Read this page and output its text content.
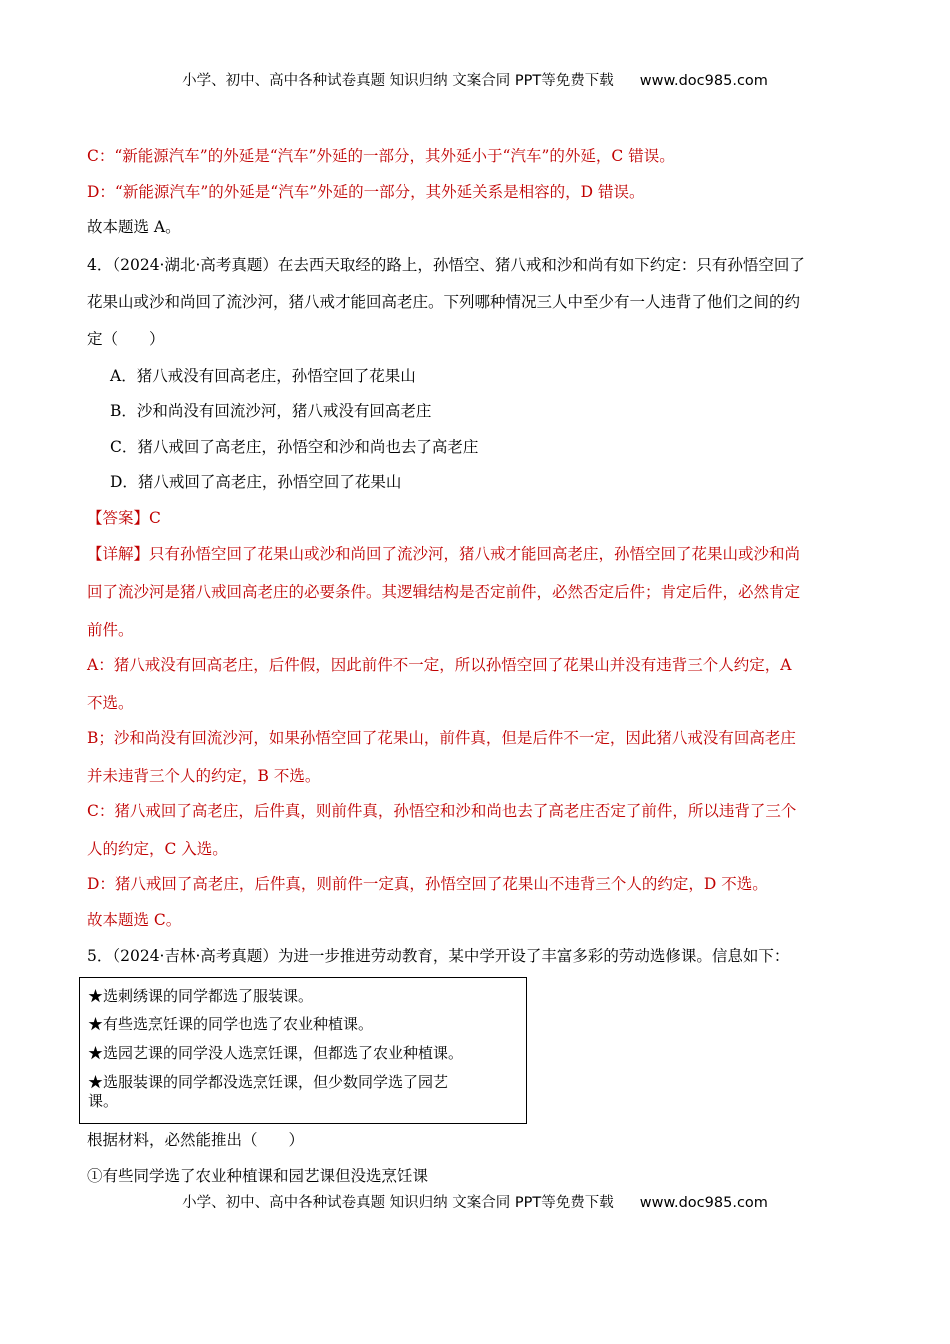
小学、初中、高中各种试卷真题 知识归纳 文案合同 PPT等免费下载 www.doc985.com
C：“新能源汽车”的外延是“汽车”外延的一部分，其外延小于“汽车”的外延，C 错误。
D：“新能源汽车”的外延是“汽车”外延的一部分，其外延关系是相容的，D 错误。
故本题选 A。
4．（2024·湖北·高考真题）在去西天取经的路上，孙悟空、猪八戒和沙和尚有如下约定：只有孙悟空回了
花果山或沙和尚回了流沙河，猪八戒才能回高老庄。下列哪种情况三人中至少有一人违背了他们之间的约
定（　　）
A．猪八戒没有回高老庄，孙悟空回了花果山
B．沙和尚没有回流沙河，猪八戒没有回高老庄
C．猪八戒回了高老庄，孙悟空和沙和尚也去了高老庄
D．猪八戒回了高老庄，孙悟空回了花果山
【答案】C
【详解】只有孙悟空回了花果山或沙和尚回了流沙河，猪八戒才能回高老庄，孙悟空回了花果山或沙和尚
回了流沙河是猪八戒回高老庄的必要条件。其逻辑结构是否定前件，必然否定后件；肯定后件，必然肯定
前件。
A：猪八戒没有回高老庄，后件假，因此前件不一定，所以孙悟空回了花果山并没有违背三个人约定，A
不选。
B；沙和尚没有回流沙河，如果孙悟空回了花果山，前件真，但是后件不一定，因此猪八戒没有回高老庄
并未违背三个人的约定，B 不选。
C：猪八戒回了高老庄，后件真，则前件真，孙悟空和沙和尚也去了高老庄否定了前件，所以违背了三个
人的约定，C 入选。
D：猪八戒回了高老庄，后件真，则前件一定真，孙悟空回了花果山不违背三个人的约定，D 不选。
故本题选 C。
5．（2024·吉林·高考真题）为进一步推进劳动教育，某中学开设了丰富多彩的劳动选修课。信息如下：
★选刺绣课的同学都选了服装课。
★有些选烹饪课的同学也选了农业种植课。
★选园艺课的同学没人选烹饪课，但都选了农业种植课。
★选服装课的同学都没选烹饪课，但少数同学选了园艺
课。
根据材料，必然能推出（　　）
①有些同学选了农业种植课和园艺课但没选烹饪课
小学、初中、高中各种试卷真题 知识归纳 文案合同 PPT等免费下载 www.doc985.com
